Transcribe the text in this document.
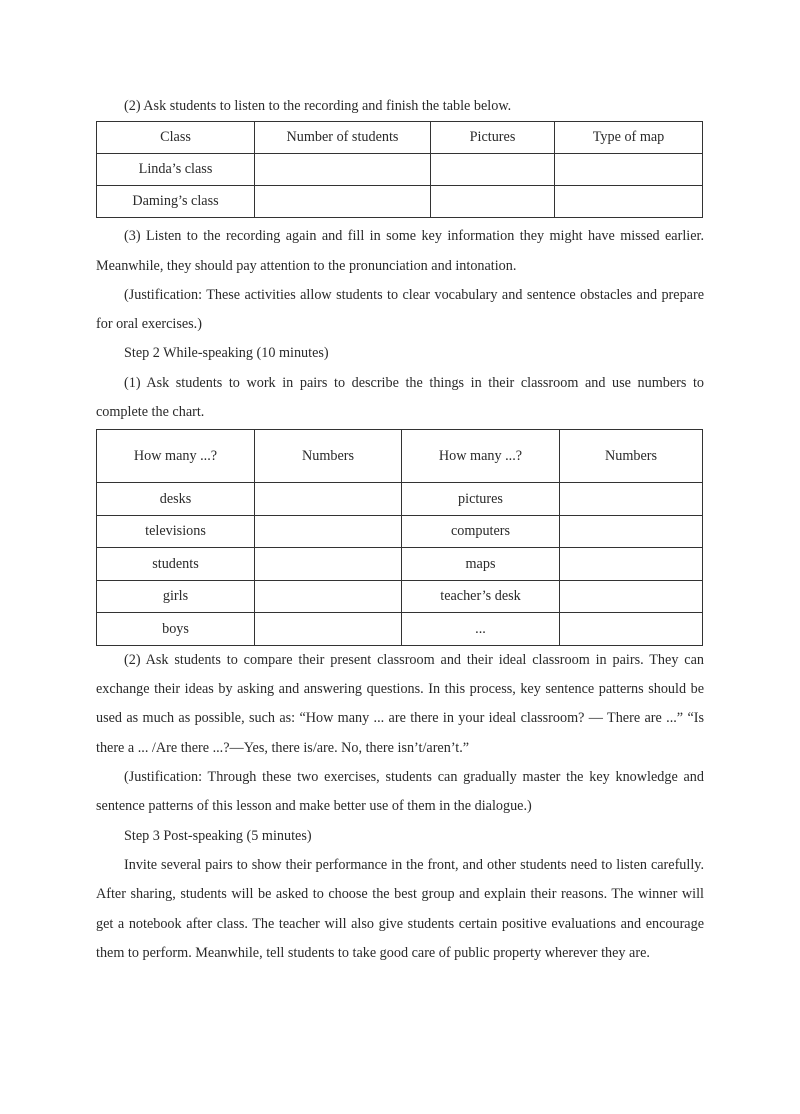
(2) Ask students to listen to the recording and finish the table below.

Class	Number of students	Pictures	Type of map
Linda’s class			
Daming’s class			

(3) Listen to the recording again and fill in some key information they might have missed earlier. Meanwhile, they should pay attention to the pronunciation and intonation.

(Justification: These activities allow students to clear vocabulary and sentence obstacles and prepare for oral exercises.)

Step 2 While-speaking (10 minutes)

(1) Ask students to work in pairs to describe the things in their classroom and use numbers to complete the chart.

How many ...?	Numbers	How many ...?	Numbers
desks		pictures	
televisions		computers	
students		maps	
girls		teacher’s desk	
boys		...	

(2) Ask students to compare their present classroom and their ideal classroom in pairs. They can exchange their ideas by asking and answering questions. In this process, key sentence patterns should be used as much as possible, such as: “How many ... are there in your ideal classroom? — There are ...” “Is there a ... /Are there ...?—Yes, there is/are. No, there isn’t/aren’t.”

(Justification: Through these two exercises, students can gradually master the key knowledge and sentence patterns of this lesson and make better use of them in the dialogue.)

Step 3 Post-speaking (5 minutes)

Invite several pairs to show their performance in the front, and other students need to listen carefully. After sharing, students will be asked to choose the best group and explain their reasons. The winner will get a notebook after class. The teacher will also give students certain positive evaluations and encourage them to perform. Meanwhile, tell students to take good care of public property wherever they are.
